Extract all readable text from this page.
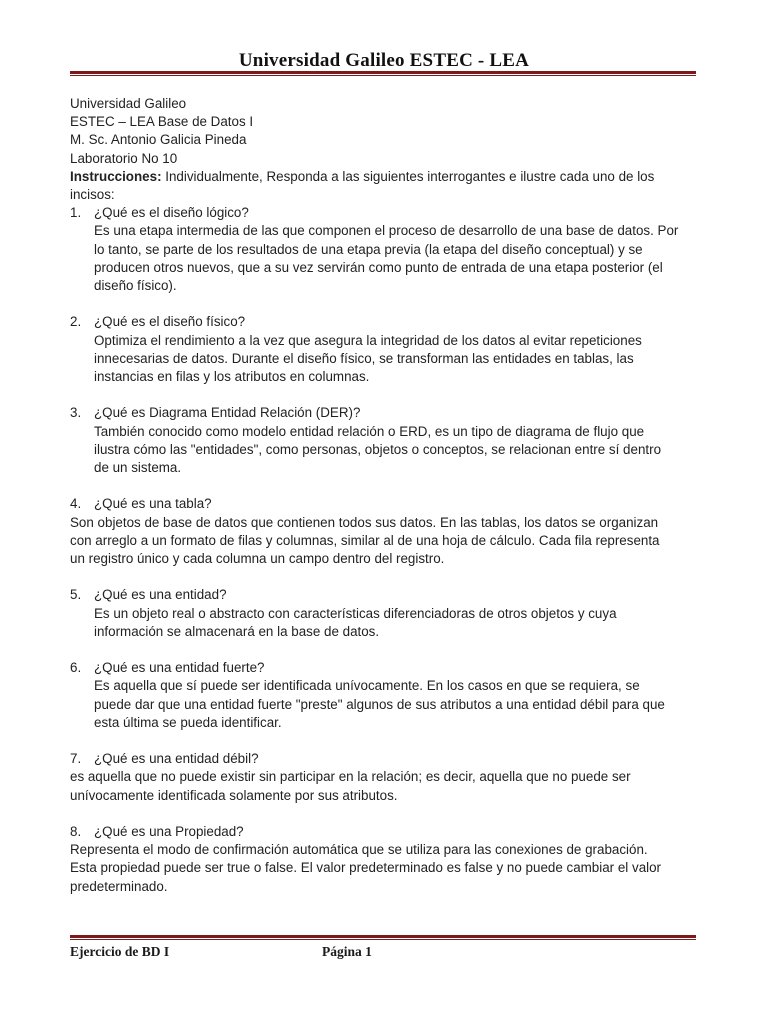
Universidad Galileo ESTEC - LEA
Universidad Galileo
ESTEC – LEA Base de Datos I
M. Sc. Antonio Galicia Pineda
Laboratorio No 10
Instrucciones: Individualmente, Responda a las siguientes interrogantes e ilustre cada uno de los
incisos:
1. ¿Qué es el diseño lógico?
Es una etapa intermedia de las que componen el proceso de desarrollo de una base de datos. Por
lo tanto, se parte de los resultados de una etapa previa (la etapa del diseño conceptual) y se
producen otros nuevos, que a su vez servirán como punto de entrada de una etapa posterior (el
diseño físico).
2. ¿Qué es el diseño físico?
Optimiza el rendimiento a la vez que asegura la integridad de los datos al evitar repeticiones
innecesarias de datos. Durante el diseño físico, se transforman las entidades en tablas, las
instancias en filas y los atributos en columnas.
3. ¿Qué es Diagrama Entidad Relación (DER)?
También conocido como modelo entidad relación o ERD, es un tipo de diagrama de flujo que
ilustra cómo las "entidades", como personas, objetos o conceptos, se relacionan entre sí dentro
de un sistema.
4. ¿Qué es una tabla?
Son objetos de base de datos que contienen todos sus datos. En las tablas, los datos se organizan
con arreglo a un formato de filas y columnas, similar al de una hoja de cálculo. Cada fila representa
un registro único y cada columna un campo dentro del registro.
5. ¿Qué es una entidad?
Es un objeto real o abstracto con características diferenciadoras de otros objetos y cuya
información se almacenará en la base de datos.
6. ¿Qué es una entidad fuerte?
Es aquella que sí puede ser identificada unívocamente. En los casos en que se requiera, se
puede dar que una entidad fuerte "preste" algunos de sus atributos a una entidad débil para que
esta última se pueda identificar.
7. ¿Qué es una entidad débil?
es aquella que no puede existir sin participar en la relación; es decir, aquella que no puede ser
unívocamente identificada solamente por sus atributos.
8. ¿Qué es una Propiedad?
Representa el modo de confirmación automática que se utiliza para las conexiones de grabación.
Esta propiedad puede ser true o false. El valor predeterminado es false y no puede cambiar el valor
predeterminado.
Ejercicio de BD I	Página 1
